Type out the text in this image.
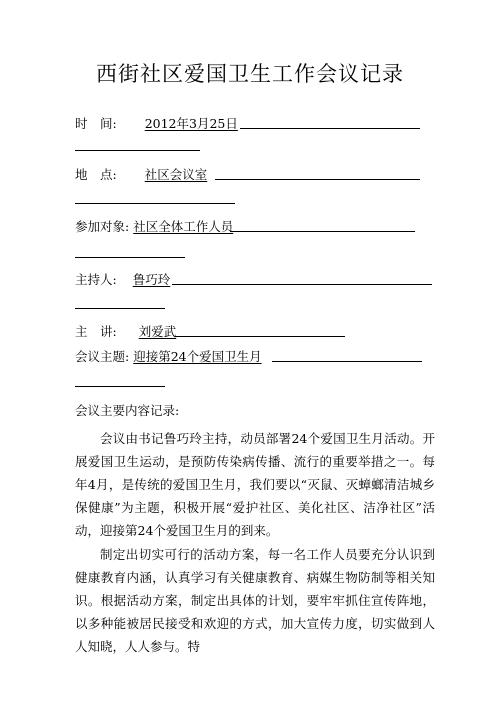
西街社区爱国卫生工作会议记录
时　间: 2012年3月25日
地　点: 社区会议室
参加对象: 社区全体工作人员
主持人: 鲁巧玲
主　讲: 刘爱武
会议主题: 迎接第24个爱国卫生月
会议主要内容记录:
会议由书记鲁巧玲主持，动员部署24个爱国卫生月活动。开展爱国卫生运动，是预防传染病传播、流行的重要举措之一。每年4月，是传统的爱国卫生月，我们要以“灭鼠、灭蟑螂清洁城乡保健康”为主题，积极开展“爱护社区、美化社区、洁净社区”活动，迎接第24个爱国卫生月的到来。
制定出切实可行的活动方案，每一名工作人员要充分认识到健康教育内涵，认真学习有关健康教育、病媒生物防制等相关知识。根据活动方案，制定出具体的计划，要牢牢抓住宣传阵地，以多种能被居民接受和欢迎的方式，加大宣传力度，切实做到人人知晓，人人参与。特
